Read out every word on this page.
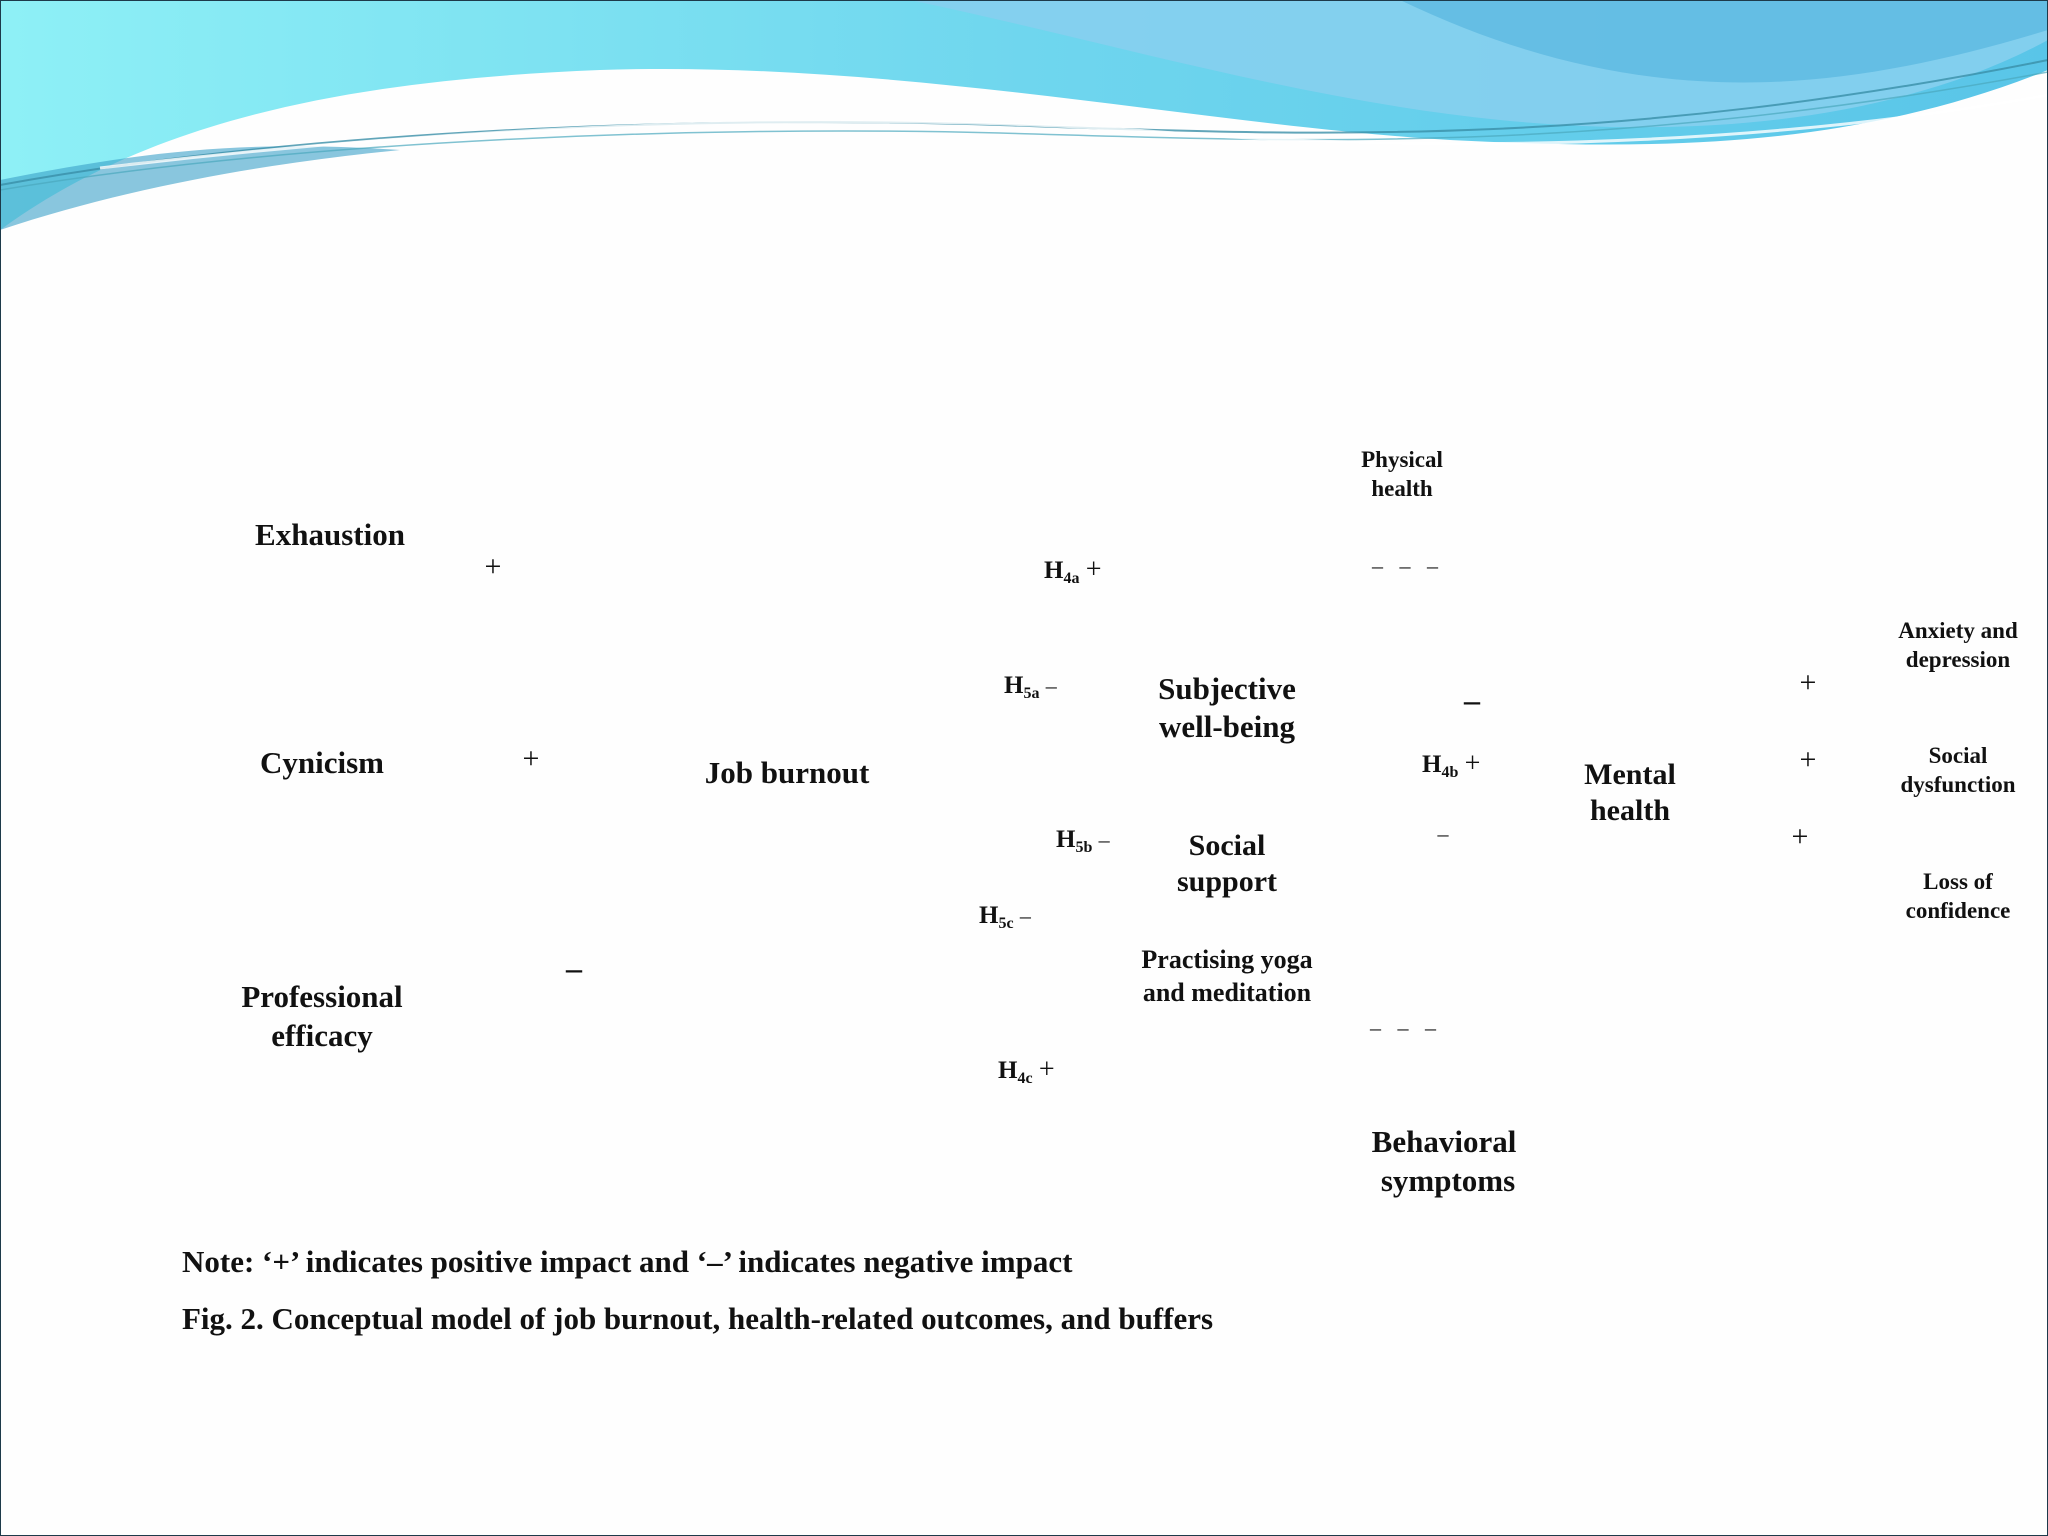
Exhaustion
Cynicism
Professional
efficacy
+
+
–
Job burnout
$H_{4a}$ +
$H_{5a}$ –
$H_{5b}$ –
$H_{5c}$ –
$H_{4c}$ +
$H_{4b}$ +
Subjective
well-being
Social
support
Practising yoga
and meditation
Physical
health
–   –   –
–
–
Mental
health
–   –   –
Behavioral
symptoms
+
+
+
Anxiety and
depression
Social
dysfunction
Loss of
confidence
Note: ‘+’ indicates positive impact and ‘–’ indicates negative impact
Fig. 2. Conceptual model of job burnout, health-related outcomes, and buffers
